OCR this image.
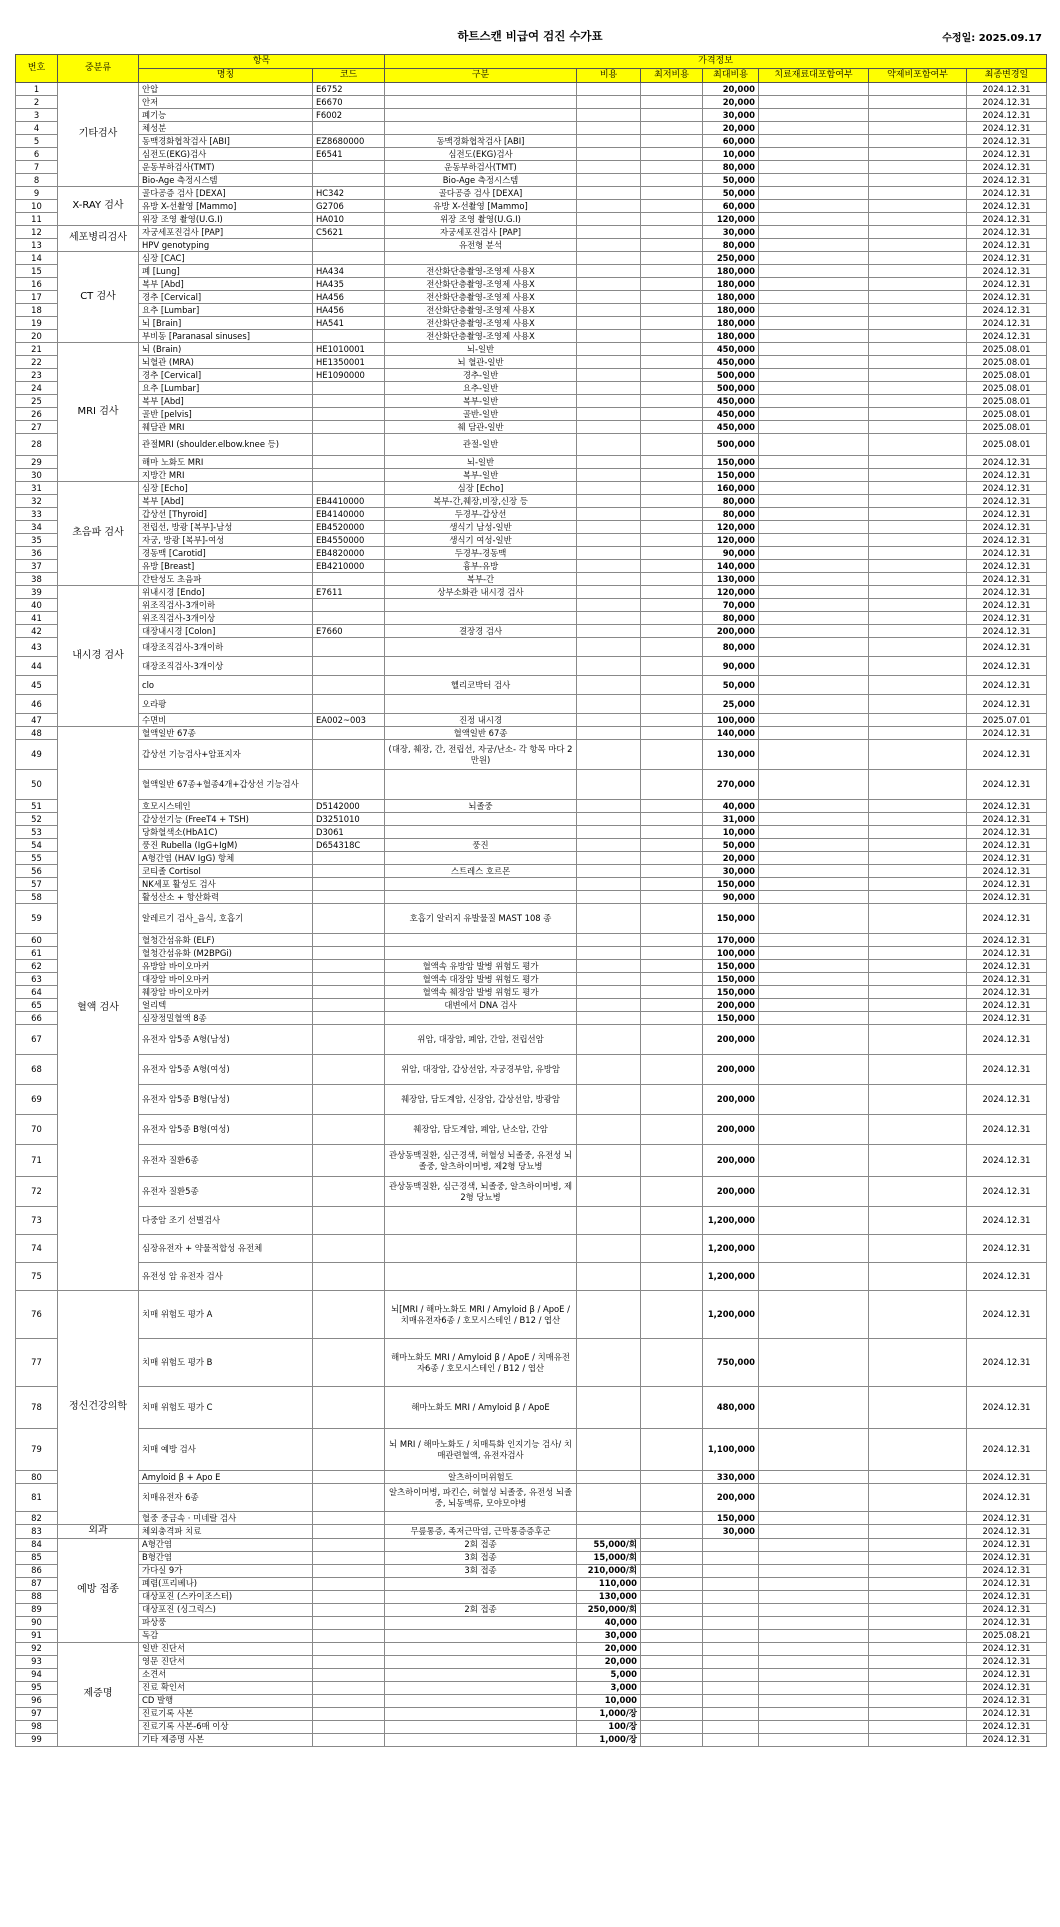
하트스캔 비급여 검진 수가표	수정일: 2025.09.17
번호	중분류	항목		가격정보						
		명칭	코드	구분	비용	최저비용	최대비용	치료재료대포함여부	약제비포함여부	최종변경일
1	기타검사	안압	E6752				20,000			2024.12.31
2		안저	E6670				20,000			2024.12.31
3		폐기능	F6002				30,000			2024.12.31
4		체성분					20,000			2024.12.31
5		동맥경화협착검사 [ABI]	EZ8680000	동맥경화협착검사 [ABI]			60,000			2024.12.31
6		심전도(EKG)검사	E6541	심전도(EKG)검사			10,000			2024.12.31
7		운동부하검사(TMT)		운동부하검사(TMT)			80,000			2024.12.31
8		Bio-Age 측정시스템		Bio-Age 측정시스템			50,000			2024.12.31
9	X-RAY 검사	골다공증 검사 [DEXA]	HC342	골다공증 검사 [DEXA]			50,000			2024.12.31
10		유방 X-선촬영 [Mammo]	G2706	유방 X-선촬영 [Mammo]			60,000			2024.12.31
11		위장 조영 촬영(U.G.I)	HA010	위장 조영 촬영(U.G.I)			120,000			2024.12.31
12	세포병리검사	자궁세포진검사 [PAP]	C5621	자궁세포진검사 [PAP]			30,000			2024.12.31
13		HPV genotyping		유전형 분석			80,000			2024.12.31
14	CT 검사	심장 [CAC]					250,000			2024.12.31
15		폐 [Lung]	HA434	전산화단층촬영-조영제 사용X			180,000			2024.12.31
16		복부 [Abd]	HA435	전산화단층촬영-조영제 사용X			180,000			2024.12.31
17		경추 [Cervical]	HA456	전산화단층촬영-조영제 사용X			180,000			2024.12.31
18		요추 [Lumbar]	HA456	전산화단층촬영-조영제 사용X			180,000			2024.12.31
19		뇌 [Brain]	HA541	전산화단층촬영-조영제 사용X			180,000			2024.12.31
20		부비동 [Paranasal sinuses]		전산화단층촬영-조영제 사용X			180,000			2024.12.31
21	MRI 검사	뇌 (Brain)	HE1010001	뇌-일반			450,000			2025.08.01
22		뇌혈관 (MRA)	HE1350001	뇌 혈관-일반			450,000			2025.08.01
23		경추 [Cervical]	HE1090000	경추-일반			500,000			2025.08.01
24		요추 [Lumbar]		요추-일반			500,000			2025.08.01
25		복부 [Abd]		복부-일반			450,000			2025.08.01
26		골반 [pelvis]		골반-일반			450,000			2025.08.01
27		췌담관 MRI		췌 담관-일반			450,000			2025.08.01
28		관절MRI (shoulder.elbow.knee 등)		관절-일반			500,000			2025.08.01
29		해마 노화도 MRI		뇌-일반			150,000			2024.12.31
30		지방간 MRI		복부-일반			150,000			2024.12.31
31	초음파 검사	심장 [Echo]		심장 [Echo]			160,000			2024.12.31
32		복부 [Abd]	EB4410000	복부-간,췌장,비장,신장 등			80,000			2024.12.31
33		갑상선 [Thyroid]	EB4140000	두경부-갑상선			80,000			2024.12.31
34		전립선, 방광 [복부]-남성	EB4520000	생식기 남성-일반			120,000			2024.12.31
35		자궁, 방광 [복부]-여성	EB4550000	생식기 여성-일반			120,000			2024.12.31
36		경동맥 [Carotid]	EB4820000	두경부-경동맥			90,000			2024.12.31
37		유방 [Breast]	EB4210000	흉부-유방			140,000			2024.12.31
38		간탄성도 초음파		복부-간			130,000			2024.12.31
39	내시경 검사	위내시경 [Endo]	E7611	상부소화관 내시경 검사			120,000			2024.12.31
40		위조직검사-3개이하					70,000			2024.12.31
41		위조직검사-3개이상					80,000			2024.12.31
42		대장내시경 [Colon]	E7660	결장경 검사			200,000			2024.12.31
43		대장조직검사-3개이하					80,000			2024.12.31
44		대장조직검사-3개이상					90,000			2024.12.31
45		clo		헬리코박터 검사			50,000			2024.12.31
46		오라팡					25,000			2024.12.31
47		수면비	EA002~003	진정 내시경			100,000			2025.07.01
48	혈액 검사	혈액일반 67종		혈액일반 67종			140,000			2024.12.31
49		갑상선 기능검사+암표지자		(대장, 췌장, 간, 전립선, 자궁/난소- 각 항목 마다 2만원)			130,000			2024.12.31
50		혈액일반 67종+혈종4개+갑상선 기능검사					270,000			2024.12.31
51		호모시스테인	D5142000	뇌졸중			40,000			2024.12.31
52		갑상선기능 (FreeT4 + TSH)	D3251010				31,000			2024.12.31
53		당화혈색소(HbA1C)	D3061				10,000			2024.12.31
54		풍진 Rubella (IgG+IgM)	D654318C	풍진			50,000			2024.12.31
55		A형간염 (HAV IgG) 항체					20,000			2024.12.31
56		코티졸 Cortisol		스트레스 호르몬			30,000			2024.12.31
57		NK세포 활성도 검사					150,000			2024.12.31
58		활성산소 + 항산화력					90,000			2024.12.31
59		알레르기 검사_음식, 호흡기		호흡기 알러지 유발물질 MAST 108 종			150,000			2024.12.31
60		혈청간섬유화 (ELF)					170,000			2024.12.31
61		혈청간섬유화 (M2BPGi)					100,000			2024.12.31
62		유방암 바이오마커		혈액속 유방암 발병 위험도 평가			150,000			2024.12.31
63		대장암 바이오마커		혈액속 대장암 발병 위험도 평가			150,000			2024.12.31
64		췌장암 바이오마커		혈액속 췌장암 발병 위험도 평가			150,000			2024.12.31
65		얼리텍		대변에서 DNA 검사			200,000			2024.12.31
66		심장정밀혈액 8종					150,000			2024.12.31
67		유전자 암5종 A형(남성)		위암, 대장암, 폐암, 간암, 전립선암			200,000			2024.12.31
68		유전자 암5종 A형(여성)		위암, 대장암, 갑상선암, 자궁경부암, 유방암			200,000			2024.12.31
69		유전자 암5종 B형(남성)		췌장암, 담도계암, 신장암, 갑상선암, 방광암			200,000			2024.12.31
70		유전자 암5종 B형(여성)		췌장암, 담도계암, 폐암, 난소암, 간암			200,000			2024.12.31
71		유전자 질환6종		관상동맥질환, 심근경색, 허혈성 뇌졸중, 유전성 뇌졸중, 알츠하이머병, 제2형 당뇨병			200,000			2024.12.31
72		유전자 질환5종		관상동맥질환, 심근경색, 뇌졸중, 알츠하이머병, 제2형 당뇨병			200,000			2024.12.31
73		다중암 조기 선별검사					1,200,000			2024.12.31
74		심장유전자 + 약물적합성 유전체					1,200,000			2024.12.31
75		유전성 암 유전자 검사					1,200,000			2024.12.31
76	정신건강의학	치매 위험도 평가 A		뇌[MRI / 해마노화도 MRI / Amyloid β / ApoE / 치매유전자6종 / 호모시스테인 / B12 / 엽산			1,200,000			2024.12.31
77		치매 위험도 평가 B		해마노화도 MRI / Amyloid β / ApoE / 치매유전자6종 / 호모시스테인 / B12 / 엽산			750,000			2024.12.31
78		치매 위험도 평가 C		해마노화도 MRI / Amyloid β / ApoE			480,000			2024.12.31
79		치매 예방 검사		뇌 MRI / 해마노화도 / 치매특화 인지기능 검사/ 치매관련혈액, 유전자검사			1,100,000			2024.12.31
80		Amyloid β + Apo E		알츠하이머위험도			330,000			2024.12.31
81		치매유전자 6종		알츠하이머병, 파킨슨, 허혈성 뇌졸중, 유전성 뇌졸중, 뇌동맥류, 모야모야병			200,000			2024.12.31
82		혈중 중금속 · 미네랄 검사					150,000			2024.12.31
83	외과	체외충격파 치료		무릎통증, 족저근막염, 근막통증증후군			30,000			2024.12.31
84	예방 접종	A형간염		2회 접종	55,000/회					2024.12.31
85		B형간염		3회 접종	15,000/회					2024.12.31
86		가다실 9가		3회 접종	210,000/회					2024.12.31
87		폐렴(프리베나)			110,000					2024.12.31
88		대상포진 (스카이조스터)			130,000					2024.12.31
89		대상포진 (싱그릭스)		2회 접종	250,000/회					2024.12.31
90		파상풍			40,000					2024.12.31
91		독감			30,000					2025.08.21
92	제증명	일반 진단서			20,000					2024.12.31
93		영문 진단서			20,000					2024.12.31
94		소견서			5,000					2024.12.31
95		진료 확인서			3,000					2024.12.31
96		CD 발행			10,000					2024.12.31
97		진료기록 사본			1,000/장					2024.12.31
98		진료기록 사본-6매 이상			100/장					2024.12.31
99		기타 제증명 사본			1,000/장					2024.12.31
